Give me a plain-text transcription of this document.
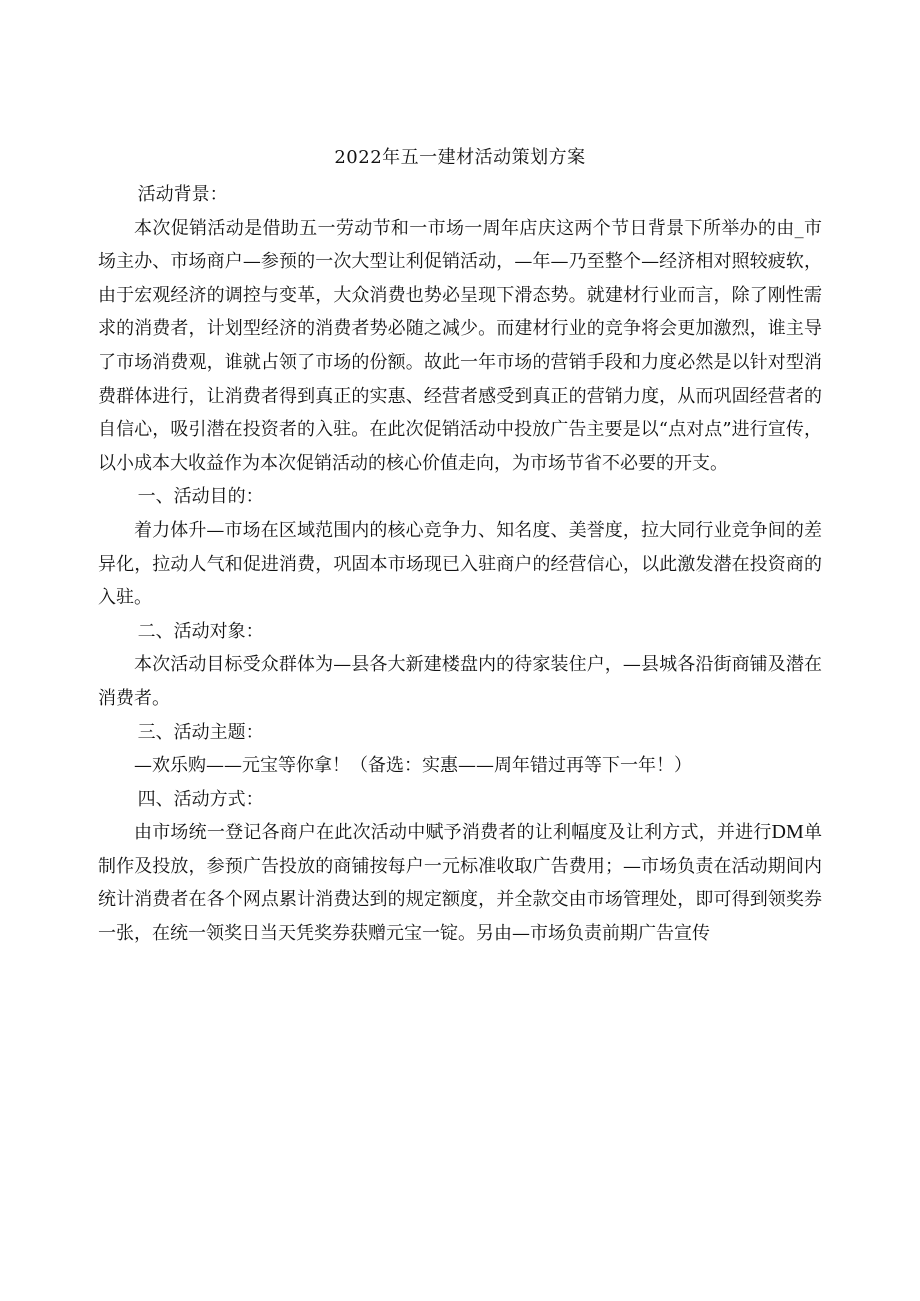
2022年五一建材活动策划方案

活动背景：

本次促销活动是借助五一劳动节和一市场一周年店庆这两个节日背景下所举办的由_市场主办、市场商户—参预的一次大型让利促销活动，—年—乃至整个—经济相对照较疲软，由于宏观经济的调控与变革，大众消费也势必呈现下滑态势。就建材行业而言，除了刚性需求的消费者，计划型经济的消费者势必随之减少。而建材行业的竞争将会更加激烈，谁主导了市场消费观，谁就占领了市场的份额。故此一年市场的营销手段和力度必然是以针对型消费群体进行，让消费者得到真正的实惠、经营者感受到真正的营销力度，从而巩固经营者的自信心，吸引潜在投资者的入驻。在此次促销活动中投放广告主要是以“点对点”进行宣传，以小成本大收益作为本次促销活动的核心价值走向，为市场节省不必要的开支。

一、活动目的：

着力体升—市场在区域范围内的核心竞争力、知名度、美誉度，拉大同行业竞争间的差异化，拉动人气和促进消费，巩固本市场现已入驻商户的经营信心，以此激发潜在投资商的入驻。

二、活动对象：

本次活动目标受众群体为—县各大新建楼盘内的待家装住户，—县城各沿街商铺及潜在消费者。

三、活动主题：

—欢乐购——元宝等你拿！（备选：实惠——周年错过再等下一年！）

四、活动方式：

由市场统一登记各商户在此次活动中赋予消费者的让利幅度及让利方式，并进行DM单制作及投放，参预广告投放的商铺按每户一元标准收取广告费用；—市场负责在活动期间内统计消费者在各个网点累计消费达到的规定额度，并全款交由市场管理处，即可得到领奖券一张，在统一领奖日当天凭奖券获赠元宝一锭。另由—市场负责前期广告宣传
